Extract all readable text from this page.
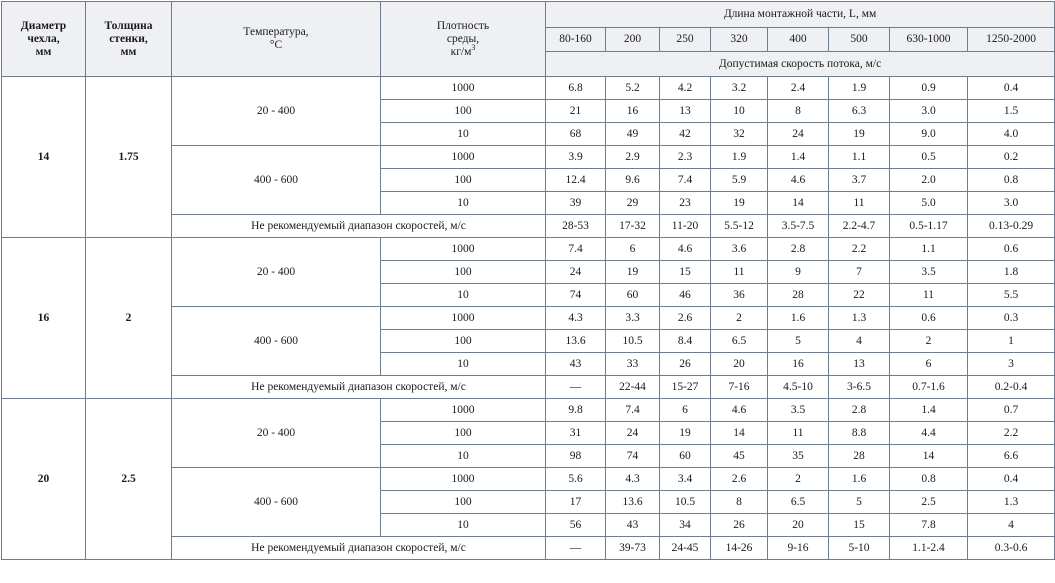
Диаметр
чехла,
мм	Толщина
стенки,
мм	Температура,
°C	Плотность
среды,
$кг/м^3$	Длина монтажной части, L, мм							
				80-160	200	250	320	400	500	630-1000	1250-2000
				Допустимая скорость потока, м/с							
14	1.75	20 - 400	1000	6.8	5.2	4.2	3.2	2.4	1.9	0.9	0.4
			100	21	16	13	10	8	6.3	3.0	1.5
			10	68	49	42	32	24	19	9.0	4.0
		400 - 600	1000	3.9	2.9	2.3	1.9	1.4	1.1	0.5	0.2
			100	12.4	9.6	7.4	5.9	4.6	3.7	2.0	0.8
			10	39	29	23	19	14	11	5.0	3.0
		Не рекомендуемый диапазон скоростей, м/с		28-53	17-32	11-20	5.5-12	3.5-7.5	2.2-4.7	0.5-1.17	0.13-0.29
16	2	20 - 400	1000	7.4	6	4.6	3.6	2.8	2.2	1.1	0.6
			100	24	19	15	11	9	7	3.5	1.8
			10	74	60	46	36	28	22	11	5.5
		400 - 600	1000	4.3	3.3	2.6	2	1.6	1.3	0.6	0.3
			100	13.6	10.5	8.4	6.5	5	4	2	1
			10	43	33	26	20	16	13	6	3
		Не рекомендуемый диапазон скоростей, м/с		—	22-44	15-27	7-16	4.5-10	3-6.5	0.7-1.6	0.2-0.4
20	2.5	20 - 400	1000	9.8	7.4	6	4.6	3.5	2.8	1.4	0.7
			100	31	24	19	14	11	8.8	4.4	2.2
			10	98	74	60	45	35	28	14	6.6
		400 - 600	1000	5.6	4.3	3.4	2.6	2	1.6	0.8	0.4
			100	17	13.6	10.5	8	6.5	5	2.5	1.3
			10	56	43	34	26	20	15	7.8	4
		Не рекомендуемый диапазон скоростей, м/с		—	39-73	24-45	14-26	9-16	5-10	1.1-2.4	0.3-0.6
